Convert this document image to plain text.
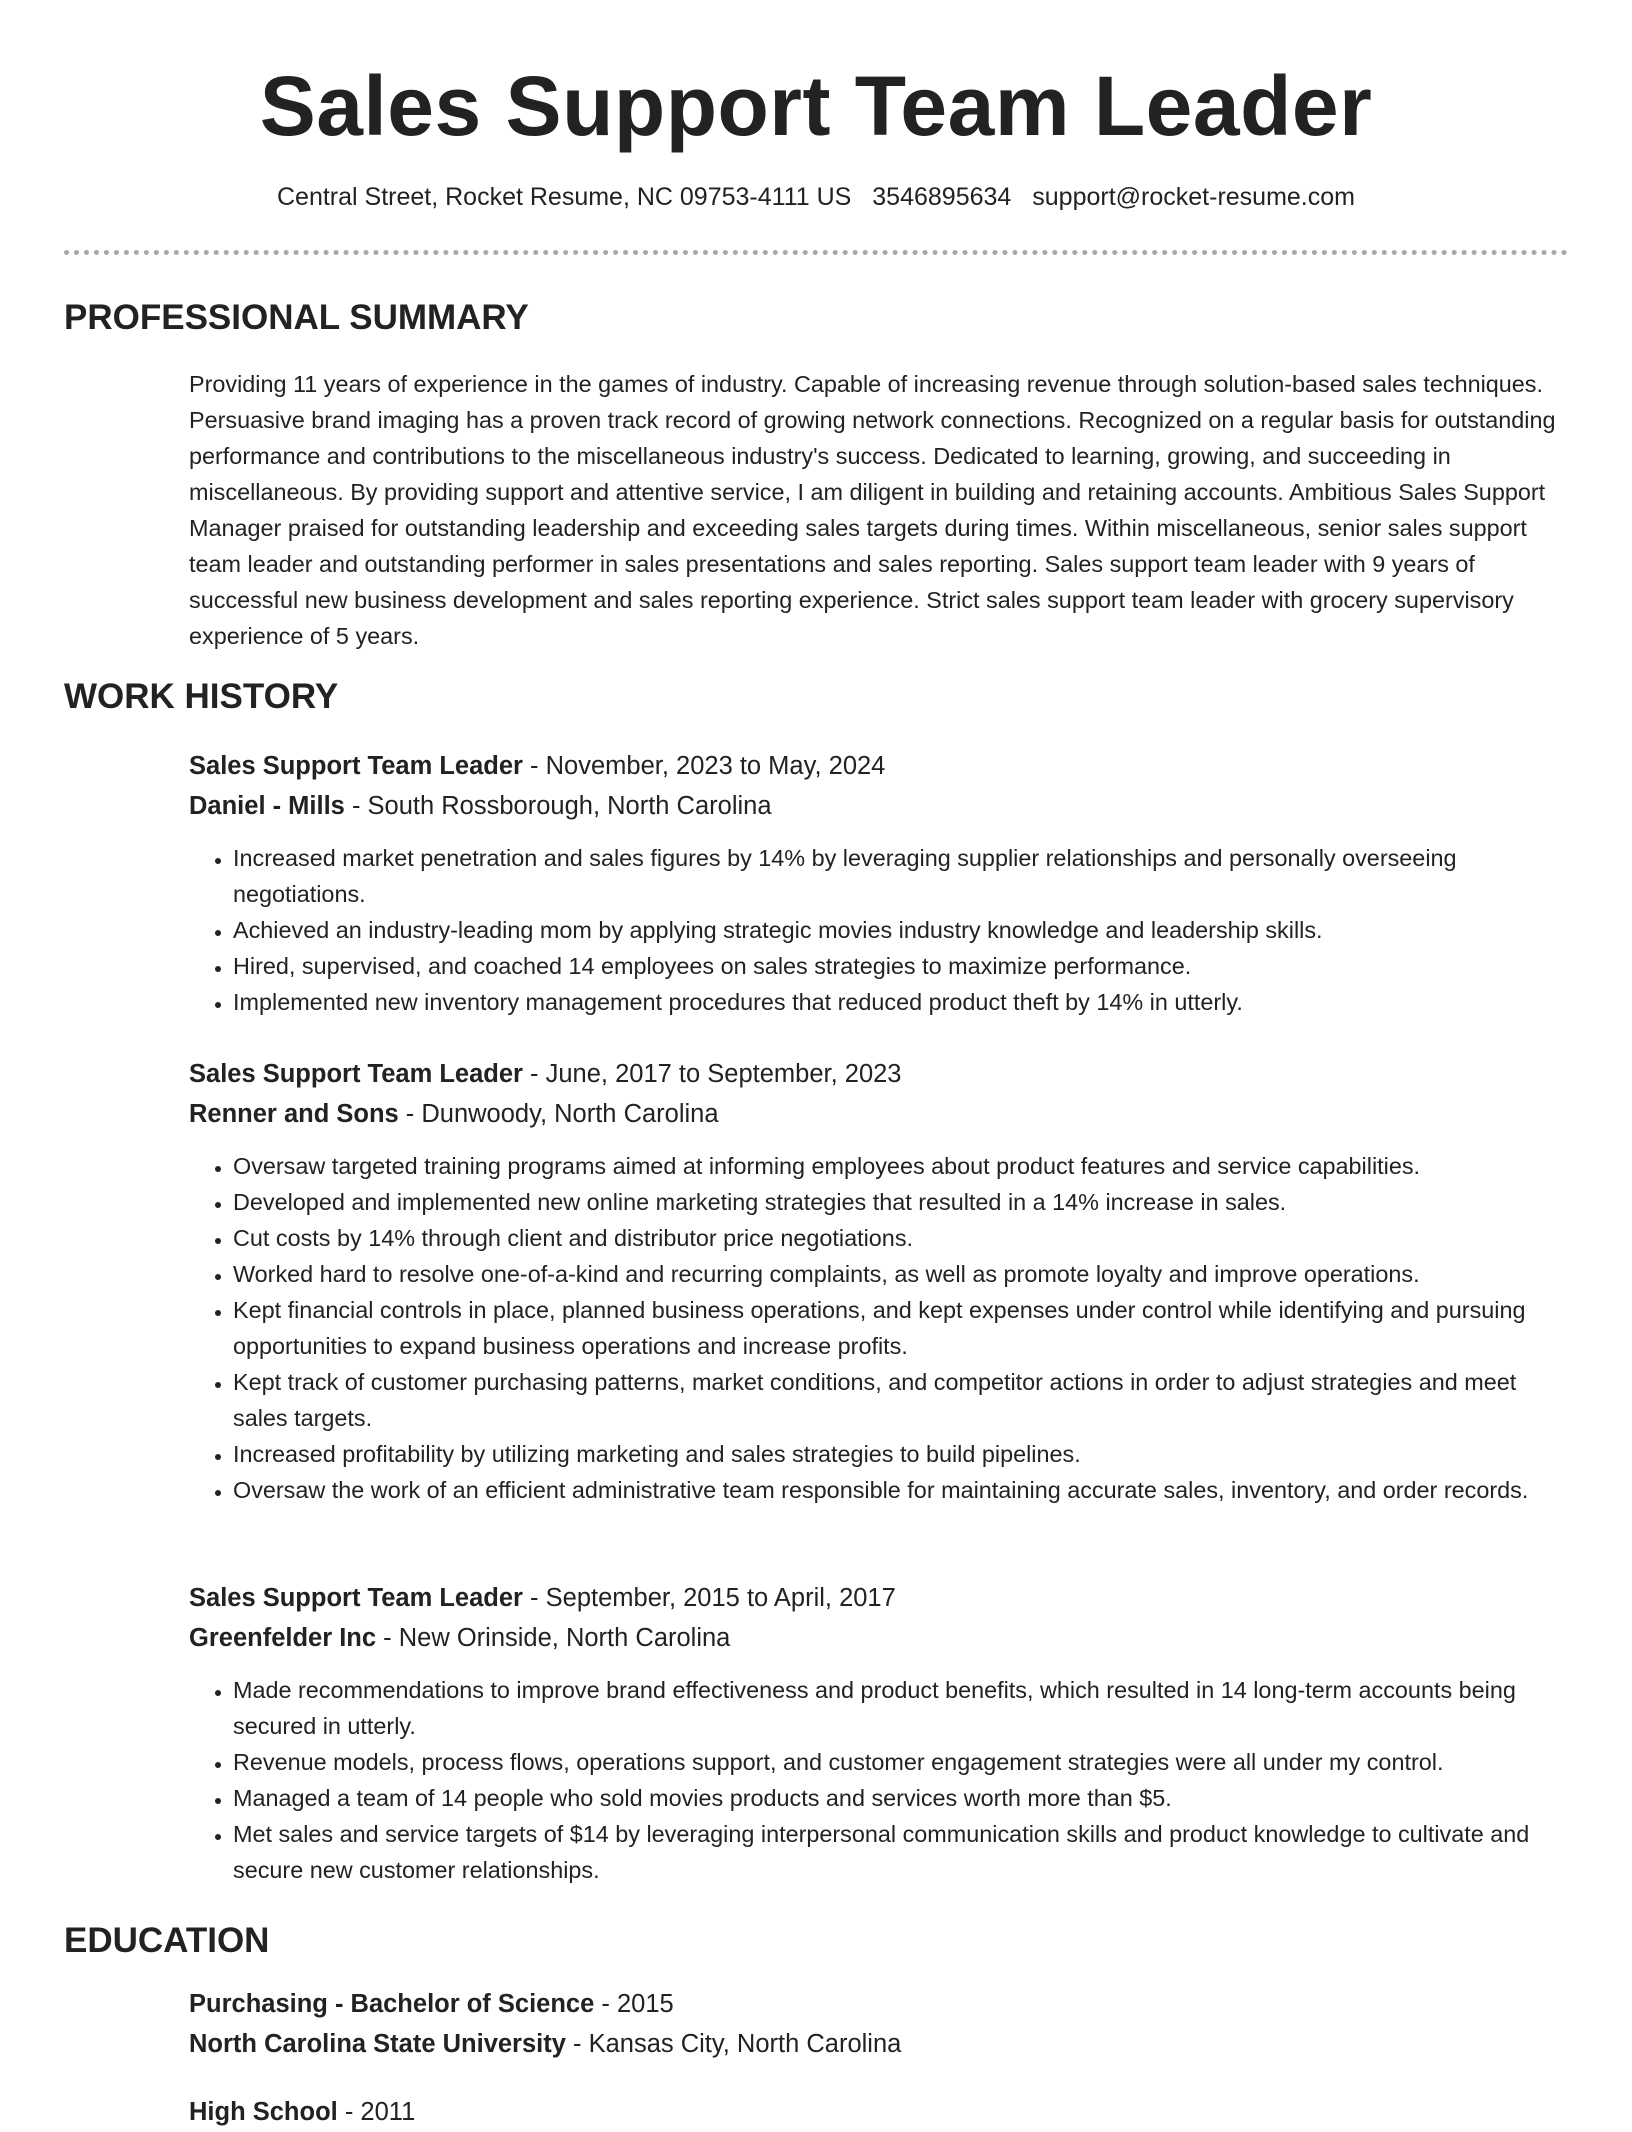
Sales Support Team Leader
Central Street, Rocket Resume, NC 09753-4111 US 3546895634 support@rocket-resume.com
PROFESSIONAL SUMMARY

Providing 11 years of experience in the games of industry. Capable of increasing revenue through solution-based sales techniques. Persuasive brand imaging has a proven track record of growing network connections. Recognized on a regular basis for outstanding performance and contributions to the miscellaneous industry's success. Dedicated to learning, growing, and succeeding in miscellaneous. By providing support and attentive service, I am diligent in building and retaining accounts. Ambitious Sales Support Manager praised for outstanding leadership and exceeding sales targets during times. Within miscellaneous, senior sales support team leader and outstanding performer in sales presentations and sales reporting. Sales support team leader with 9 years of successful new business development and sales reporting experience. Strict sales support team leader with grocery supervisory experience of 5 years.

WORK HISTORY
Sales Support Team Leader - November, 2023 to May, 2024
Daniel - Mills - South Rossborough, North Carolina
• Increased market penetration and sales figures by 14% by leveraging supplier relationships and personally overseeing negotiations.
• Achieved an industry-leading mom by applying strategic movies industry knowledge and leadership skills.
• Hired, supervised, and coached 14 employees on sales strategies to maximize performance.
• Implemented new inventory management procedures that reduced product theft by 14% in utterly.
Sales Support Team Leader - June, 2017 to September, 2023
Renner and Sons - Dunwoody, North Carolina
• Oversaw targeted training programs aimed at informing employees about product features and service capabilities.
• Developed and implemented new online marketing strategies that resulted in a 14% increase in sales.
• Cut costs by 14% through client and distributor price negotiations.
• Worked hard to resolve one-of-a-kind and recurring complaints, as well as promote loyalty and improve operations.
• Kept financial controls in place, planned business operations, and kept expenses under control while identifying and pursuing opportunities to expand business operations and increase profits.
• Kept track of customer purchasing patterns, market conditions, and competitor actions in order to adjust strategies and meet sales targets.
• Increased profitability by utilizing marketing and sales strategies to build pipelines.
• Oversaw the work of an efficient administrative team responsible for maintaining accurate sales, inventory, and order records.
Sales Support Team Leader - September, 2015 to April, 2017
Greenfelder Inc - New Orinside, North Carolina
• Made recommendations to improve brand effectiveness and product benefits, which resulted in 14 long-term accounts being secured in utterly.
• Revenue models, process flows, operations support, and customer engagement strategies were all under my control.
• Managed a team of 14 people who sold movies products and services worth more than $5.
• Met sales and service targets of $14 by leveraging interpersonal communication skills and product knowledge to cultivate and secure new customer relationships.
EDUCATION
Purchasing - Bachelor of Science - 2015
North Carolina State University - Kansas City, North Carolina
High School - 2011
